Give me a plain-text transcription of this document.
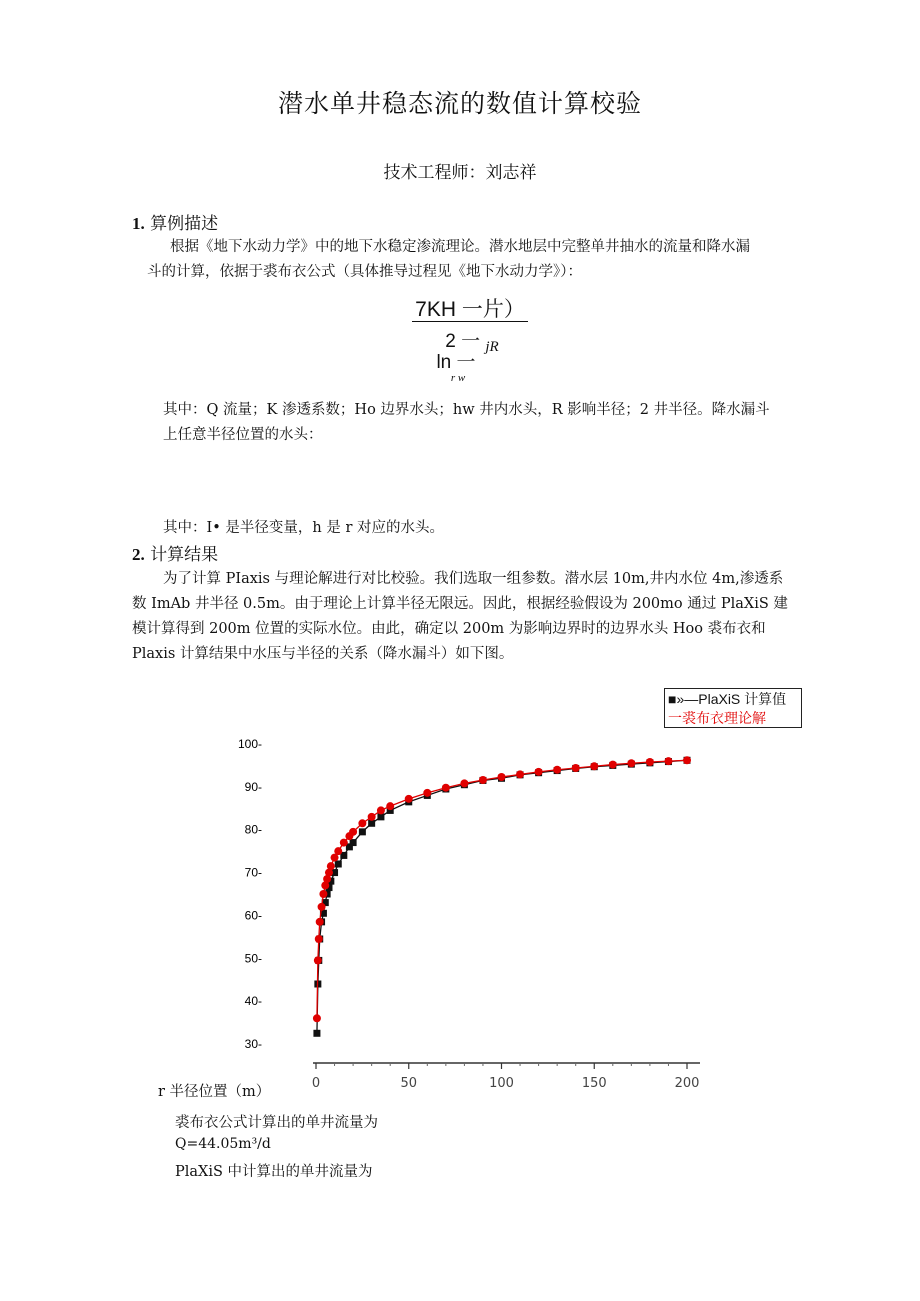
潜水单井稳态流的数值计算校验
技术工程师：刘志祥
1. 算例描述
根据《地下水动力学》中的地下水稳定渗流理论。潜水地层中完整单井抽水的流量和降水漏
斗的计算，依据于裘布衣公式（具体推导过程见《地下水动力学》）：
7KH 一片）
2 一 $_{jR}$
ln 一
r w
其中：Q 流量；K 渗透系数；Ho 边界水头；hw 井内水头，R 影响半径；2 井半径。降水漏斗
上任意半径位置的水头：
其中：I• 是半径变量，h 是 r 对应的水头。
2. 计算结果
为了计算 PIaxis 与理论解进行对比校验。我们选取一组参数。潜水层 10m,井内水位 4m,渗透系
数 ImAb 井半径 0.5m。由于理论上计算半径无限远。因此，根据经验假设为 200mo 通过 PlaXiS 建
模计算得到 200m 位置的实际水位。由此，确定以 200m 为影响边界时的边界水头 Hoo 裘布衣和
Plaxis 计算结果中水压与半径的关系（降水漏斗）如下图。
■»—PlaXiS 计算值
一裘布衣理论解
30-
40-
50-
60-
70-
80-
90-
100-
0	50	100	150	200
r 半径位置（m）
裘布衣公式计算出的单井流量为
Q=44.05m³/d
PlaXiS 中计算出的单井流量为
